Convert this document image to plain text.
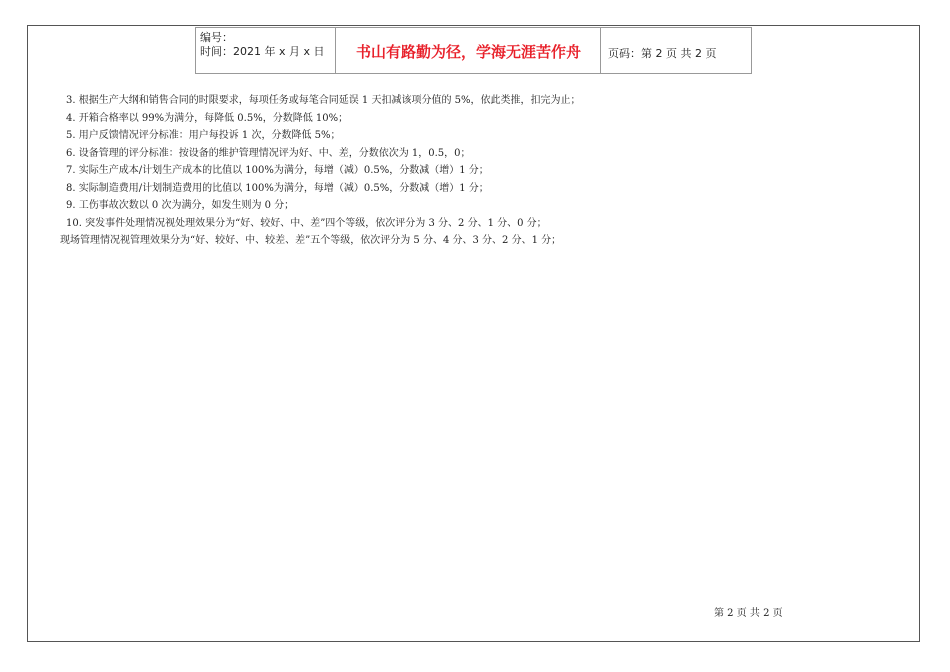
编号：
时间：2021 年 x 月 x 日	书山有路勤为径，学海无涯苦作舟	页码：第 2 页 共 2 页
3. 根据生产大纲和销售合同的时限要求，每项任务或每笔合同延误 1 天扣减该项分值的 5%，依此类推，扣完为止；
4. 开箱合格率以 99%为满分，每降低 0.5%，分数降低 10%；
5. 用户反馈情况评分标准：用户每投诉 1 次，分数降低 5%；
6. 设备管理的评分标准：按设备的维护管理情况评为好、中、差，分数依次为 1，0.5，0；
7. 实际生产成本/计划生产成本的比值以 100%为满分，每增（减）0.5%，分数减（增）1 分；
8. 实际制造费用/计划制造费用的比值以 100%为满分，每增（减）0.5%，分数减（增）1 分；
9. 工伤事故次数以 0 次为满分，如发生则为 0 分；
10. 突发事件处理情况视处理效果分为“好、较好、中、差”四个等级，依次评分为 3 分、2 分、1 分、0 分；
现场管理情况视管理效果分为“好、较好、中、较差、差”五个等级，依次评分为 5 分、4 分、3 分、2 分、1 分；
第 2 页 共 2 页
